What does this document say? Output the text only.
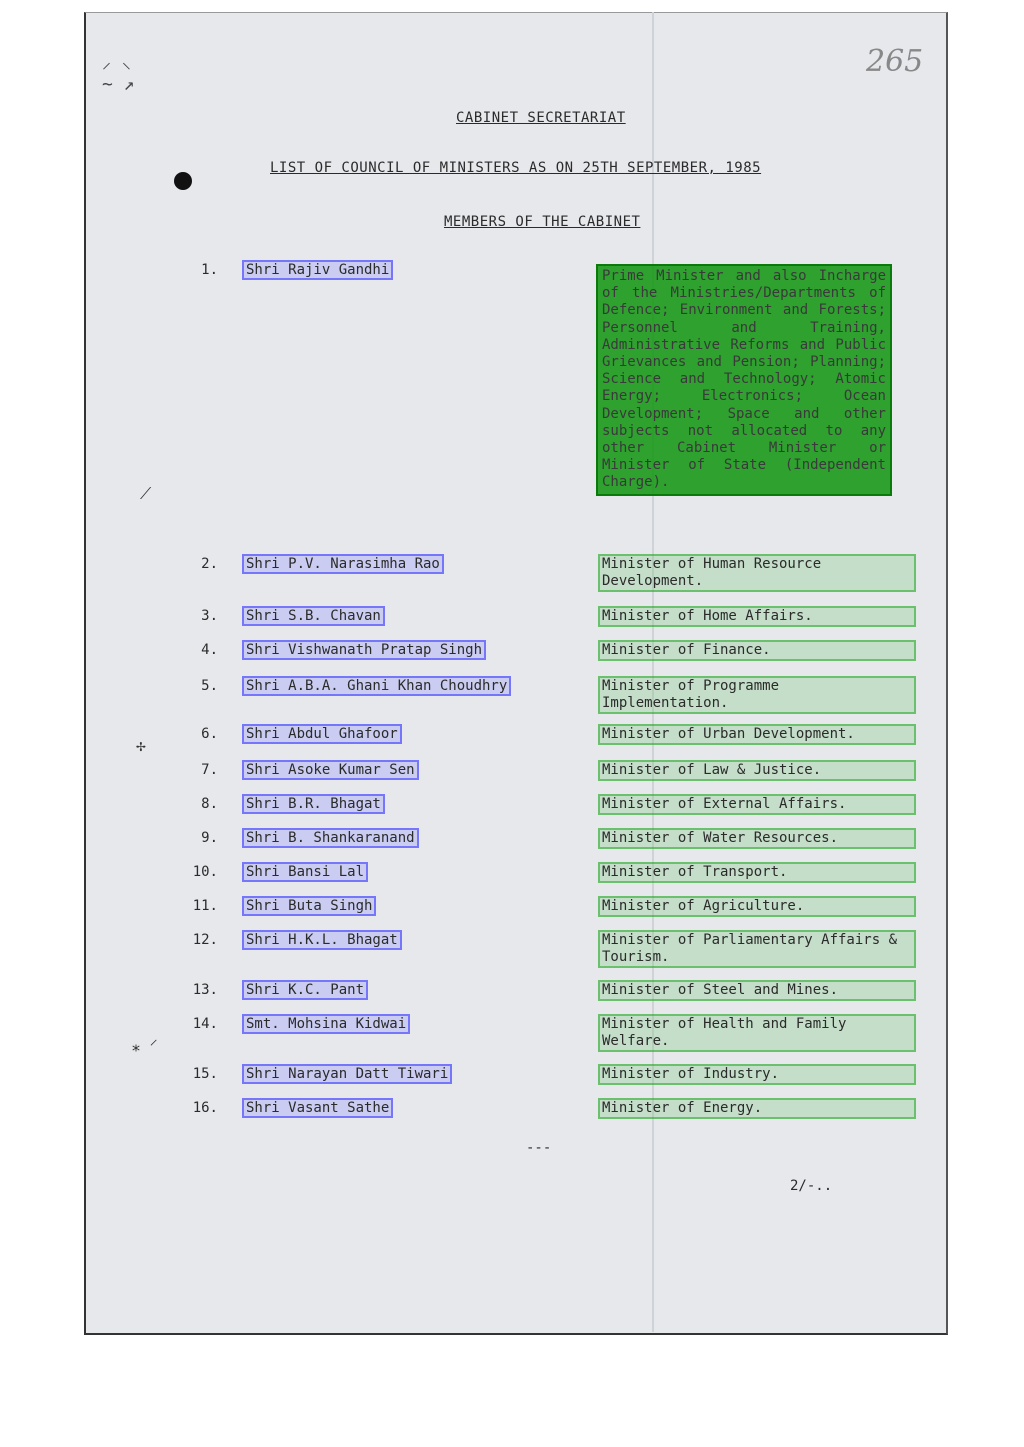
⸝ ⸜
~ ↗
⟋
✢
⁎ ⸍
265
CABINET SECRETARIAT
LIST OF COUNCIL OF MINISTERS AS ON 25TH SEPTEMBER, 1985
MEMBERS OF THE CABINET
1. Shri Rajiv Gandhi	Prime Minister and also Incharge of the Ministries/Departments of Defence; Environment and Forests; Personnel and Training, Administrative Reforms and Public Grievances and Pension; Planning; Science and Technology; Atomic Energy; Electronics; Ocean Development; Space and other subjects not allocated to any other Cabinet Minister or Minister of State (Independent Charge).
2. Shri P.V. Narasimha Rao	Minister of Human Resource Development.
3. Shri S.B. Chavan	Minister of Home Affairs.
4. Shri Vishwanath Pratap Singh	Minister of Finance.
5. Shri A.B.A. Ghani Khan Choudhry	Minister of Programme Implementation.
6. Shri Abdul Ghafoor	Minister of Urban Development.
7. Shri Asoke Kumar Sen	Minister of Law & Justice.
8. Shri B.R. Bhagat	Minister of External Affairs.
9. Shri B. Shankaranand	Minister of Water Resources.
10. Shri Bansi Lal	Minister of Transport.
11. Shri Buta Singh	Minister of Agriculture.
12. Shri H.K.L. Bhagat	Minister of Parliamentary Affairs & Tourism.
13. Shri K.C. Pant	Minister of Steel and Mines.
14. Smt. Mohsina Kidwai	Minister of Health and Family Welfare.
15. Shri Narayan Datt Tiwari	Minister of Industry.
16. Shri Vasant Sathe	Minister of Energy.
---
2/-..
